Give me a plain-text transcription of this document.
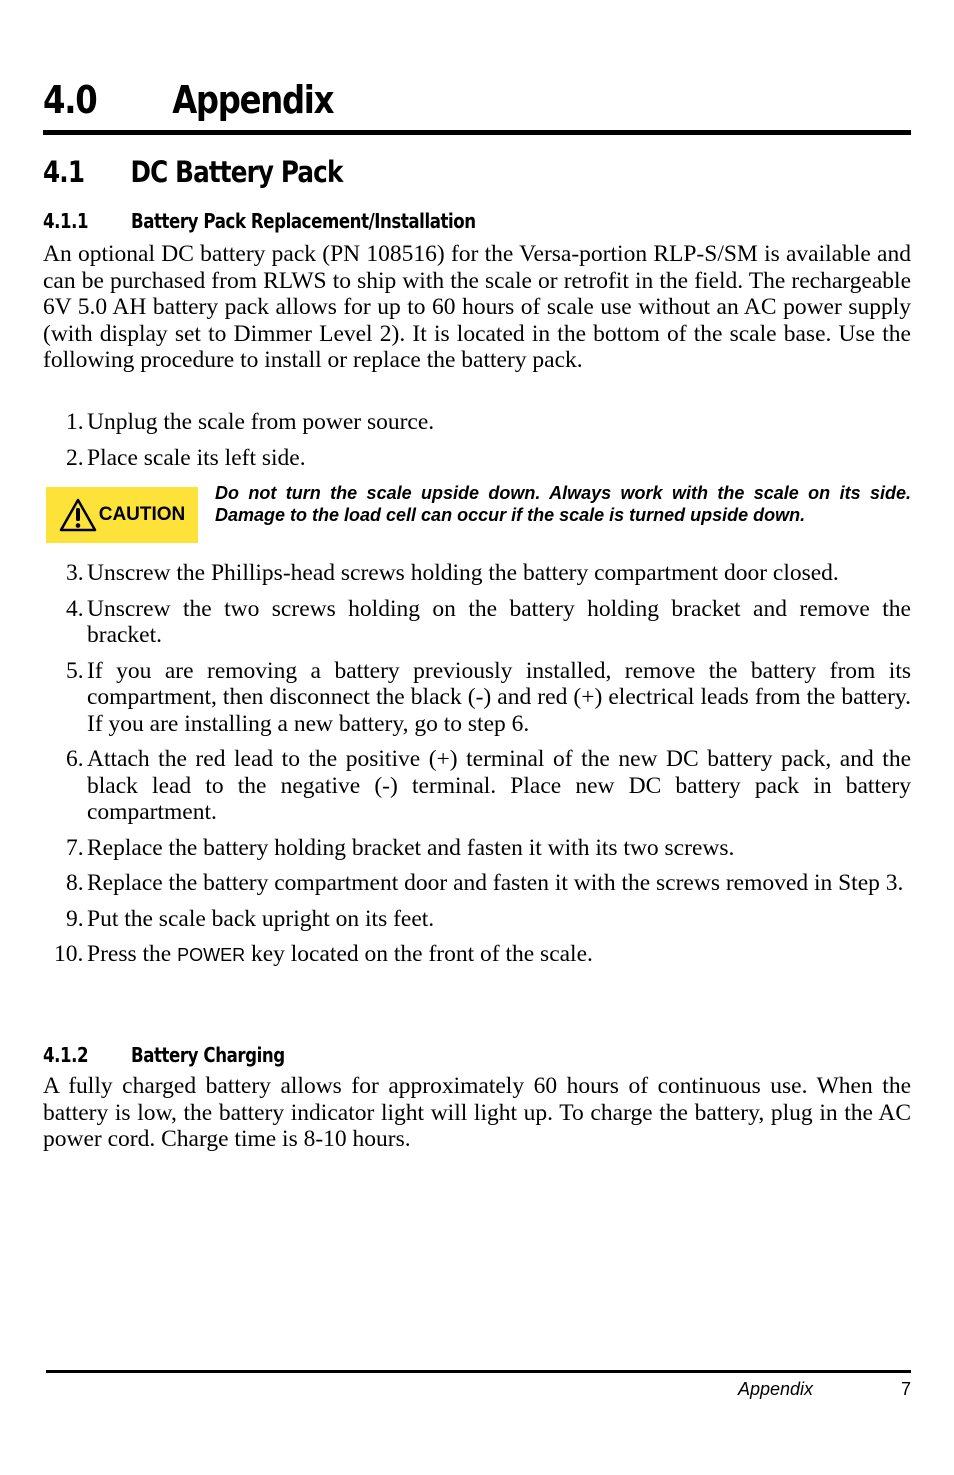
4.0 Appendix
4.1 DC Battery Pack
4.1.1 Battery Pack Replacement/Installation
An optional DC battery pack (PN 108516) for the Versa-portion RLP-S/SM is available and can be purchased from RLWS to ship with the scale or retrofit in the field. The rechargeable 6V 5.0 AH battery pack allows for up to 60 hours of scale use without an AC power supply (with display set to Dimmer Level 2). It is located in the bottom of the scale base. Use the following procedure to install or replace the battery pack.
1. Unplug the scale from power source.
2. Place scale its left side.
CAUTION
Do not turn the scale upside down. Always work with the scale on its side. Damage to the load cell can occur if the scale is turned upside down.
3. Unscrew the Phillips-head screws holding the battery compartment door closed.
4. Unscrew the two screws holding on the battery holding bracket and remove the bracket.
5. If you are removing a battery previously installed, remove the battery from its compartment, then disconnect the black (-) and red (+) electrical leads from the battery. If you are installing a new battery, go to step 6.
6. Attach the red lead to the positive (+) terminal of the new DC battery pack, and the black lead to the negative (-) terminal. Place new DC battery pack in battery compartment.
7. Replace the battery holding bracket and fasten it with its two screws.
8. Replace the battery compartment door and fasten it with the screws removed in Step 3.
9. Put the scale back upright on its feet.
10. Press the POWER key located on the front of the scale.
4.1.2 Battery Charging
A fully charged battery allows for approximately 60 hours of continuous use. When the battery is low, the battery indicator light will light up. To charge the battery, plug in the AC power cord. Charge time is 8-10 hours.
Appendix	7
